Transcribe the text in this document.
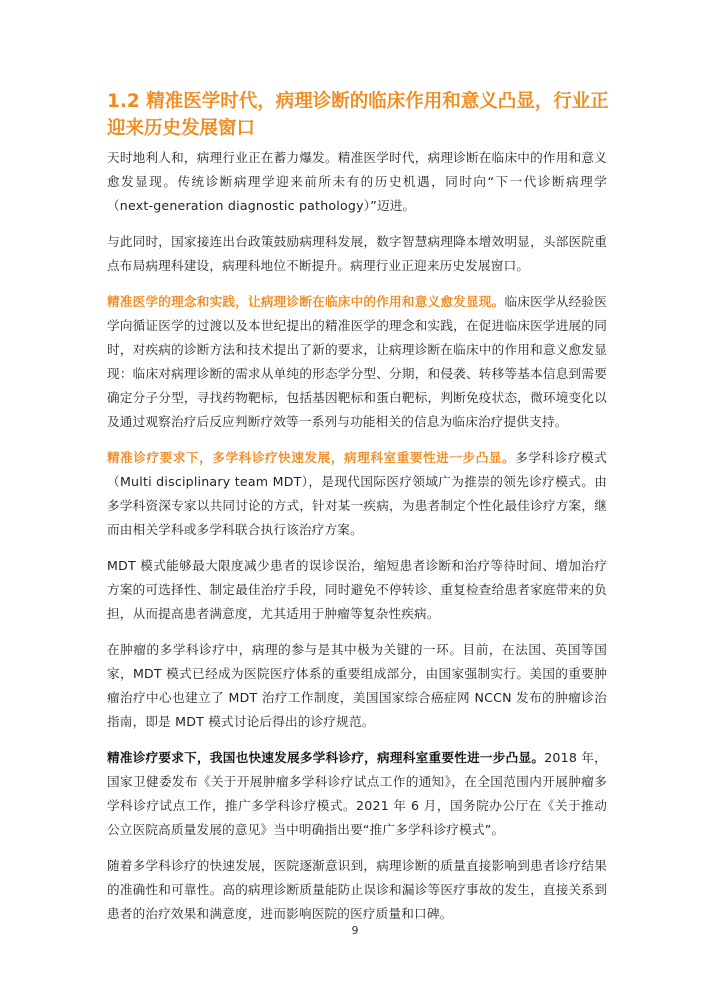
1.2 精准医学时代，病理诊断的临床作用和意义凸显，行业正迎来历史发展窗口

天时地利人和，病理行业正在蓄力爆发。精准医学时代，病理诊断在临床中的作用和意义愈发显现。传统诊断病理学迎来前所未有的历史机遇，同时向“下一代诊断病理学（next-generation diagnostic pathology）”迈进。

与此同时，国家接连出台政策鼓励病理科发展，数字智慧病理降本增效明显，头部医院重点布局病理科建设，病理科地位不断提升。病理行业正迎来历史发展窗口。

精准医学的理念和实践，让病理诊断在临床中的作用和意义愈发显现。临床医学从经验医学向循证医学的过渡以及本世纪提出的精准医学的理念和实践，在促进临床医学进展的同时，对疾病的诊断方法和技术提出了新的要求，让病理诊断在临床中的作用和意义愈发显现：临床对病理诊断的需求从单纯的形态学分型、分期，和侵袭、转移等基本信息到需要确定分子分型，寻找药物靶标，包括基因靶标和蛋白靶标，判断免疫状态，微环境变化以及通过观察治疗后反应判断疗效等一系列与功能相关的信息为临床治疗提供支持。

精准诊疗要求下，多学科诊疗快速发展，病理科室重要性进一步凸显。多学科诊疗模式（Multi disciplinary team MDT），是现代国际医疗领域广为推崇的领先诊疗模式。由多学科资深专家以共同讨论的方式，针对某一疾病，为患者制定个性化最佳诊疗方案，继而由相关学科或多学科联合执行该治疗方案。

MDT 模式能够最大限度减少患者的误诊误治，缩短患者诊断和治疗等待时间、增加治疗方案的可选择性、制定最佳治疗手段，同时避免不停转诊、重复检查给患者家庭带来的负担，从而提高患者满意度，尤其适用于肿瘤等复杂性疾病。

在肿瘤的多学科诊疗中，病理的参与是其中极为关键的一环。目前，在法国、英国等国家，MDT 模式已经成为医院医疗体系的重要组成部分，由国家强制实行。美国的重要肿瘤治疗中心也建立了 MDT 治疗工作制度，美国国家综合癌症网 NCCN 发布的肿瘤诊治指南，即是 MDT 模式讨论后得出的诊疗规范。

精准诊疗要求下，我国也快速发展多学科诊疗，病理科室重要性进一步凸显。2018 年，国家卫健委发布《关于开展肿瘤多学科诊疗试点工作的通知》，在全国范围内开展肿瘤多学科诊疗试点工作，推广多学科诊疗模式。2021 年 6 月，国务院办公厅在《关于推动公立医院高质量发展的意见》当中明确指出要“推广多学科诊疗模式”。

随着多学科诊疗的快速发展，医院逐渐意识到，病理诊断的质量直接影响到患者诊疗结果的准确性和可靠性。高的病理诊断质量能防止误诊和漏诊等医疗事故的发生，直接关系到患者的治疗效果和满意度，进而影响医院的医疗质量和口碑。

9
